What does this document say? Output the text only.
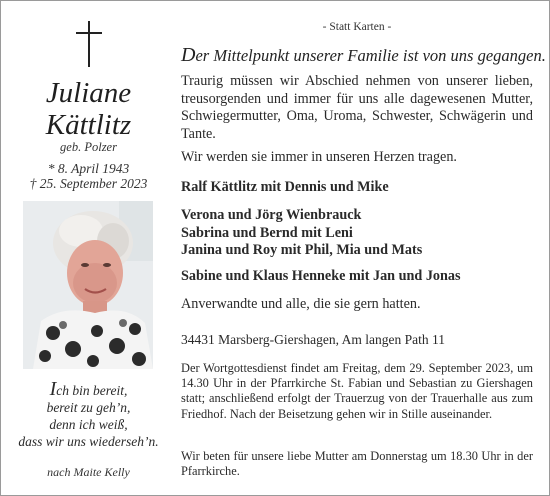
Juliane
Kättlitz
geb. Polzer
* 8. April 1943
† 25. September 2023
Ich bin bereit,
bereit zu geh’n,
denn ich weiß,
dass wir uns wiederseh’n.
nach Maite Kelly
- Statt Karten -
Der Mittelpunkt unserer Familie ist von uns gegangen.
Traurig müssen wir Abschied nehmen von unserer lieben, treusorgenden und immer für uns alle dagewesenen Mutter, Schwiegermutter, Oma, Uroma, Schwester, Schwägerin und Tante.
Wir werden sie immer in unseren Herzen tragen.
Ralf Kättlitz mit Dennis und Mike
Verona und Jörg Wienbrauck
Sabrina und Bernd mit Leni
Janina und Roy mit Phil, Mia und Mats
Sabine und Klaus Henneke mit Jan und Jonas
Anverwandte und alle, die sie gern hatten.
34431 Marsberg-Giershagen, Am langen Path 11
Der Wortgottesdienst findet am Freitag, dem 29. September 2023, um 14.30 Uhr in der Pfarrkirche St. Fabian und Sebastian zu Giershagen statt; anschließend erfolgt der Trauerzug von der Trauerhalle aus zum Friedhof. Nach der Beisetzung gehen wir in Stille auseinander.
Wir beten für unsere liebe Mutter am Donnerstag um 18.30 Uhr in der Pfarrkirche.
